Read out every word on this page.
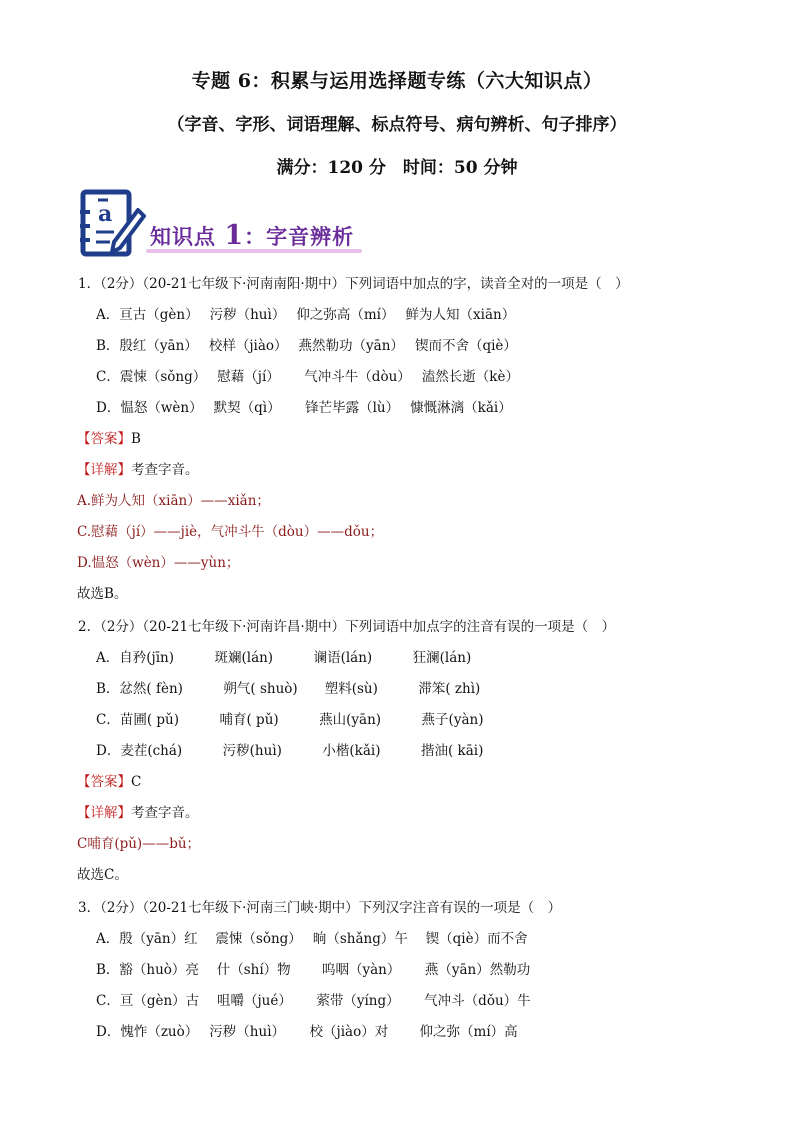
专题 6：积累与运用选择题专练（六大知识点）
（字音、字形、词语理解、标点符号、病句辨析、句子排序）
满分：120 分　时间：50 分钟
a
知识点 1：字音辨析
1．（2分）（20-21七年级下·河南南阳·期中）下列词语中加点的字，读音全对的一项是（　）
A．亘古（gèn）　 污秽（huì）　 仰之弥高（mí）　 鲜为人知（xiān）
B．殷红（yān）　 校样（jiào）　 燕然勒功（yān）　 锲而不舍（qiè）
C．震悚（sǒng）　 慰藉（jí）　　 气冲斗牛（dòu）　 溘然长逝（kè）
D．愠怒（wèn）　 默契（qì）　　 锋芒毕露（lù）　 慷慨淋漓（kǎi）
【答案】B
【详解】考查字音。
A.鲜为人知（xiān）——xiǎn；
C.慰藉（jí）——jiè，气冲斗牛（dòu）——dǒu；
D.愠怒（wèn）——yùn；
故选B。
2．（2分）（20-21七年级下·河南许昌·期中）下列词语中加点字的注音有误的一项是（　）
A．自矜(jīn)　　　斑斓(lán)　　　谰语(lán)　　　狂澜(lán)
B．忿然( fèn)　　　朔气( shuò)　　塑料(sù)　　　滞笨( zhì)
C．苗圃( pǔ)　　　哺育( pǔ)　　　燕山(yān)　　　燕子(yàn)
D．麦茬(chá)　　　污秽(huì)　　　小楷(kǎi)　　　揩油( kāi)
【答案】C
【详解】考查字音。
C哺育(pǔ)——bǔ；
故选C。
3．（2分）（20-21七年级下·河南三门峡·期中）下列汉字注音有误的一项是（　）
A．殷（yān）红　 震悚（sǒng）　 晌（shǎng）午　 锲（qiè）而不舍
B．豁（huò）亮　 什（shí）物　　 呜咽（yàn）　　 燕（yān）然勒功
C．亘（gèn）古　 咀嚼（jué）　　 萦带（yíng）　　 气冲斗（dǒu）牛
D．愧怍（zuò）　 污秽（huì）　　 校（jiào）对　　 仰之弥（mí）高
